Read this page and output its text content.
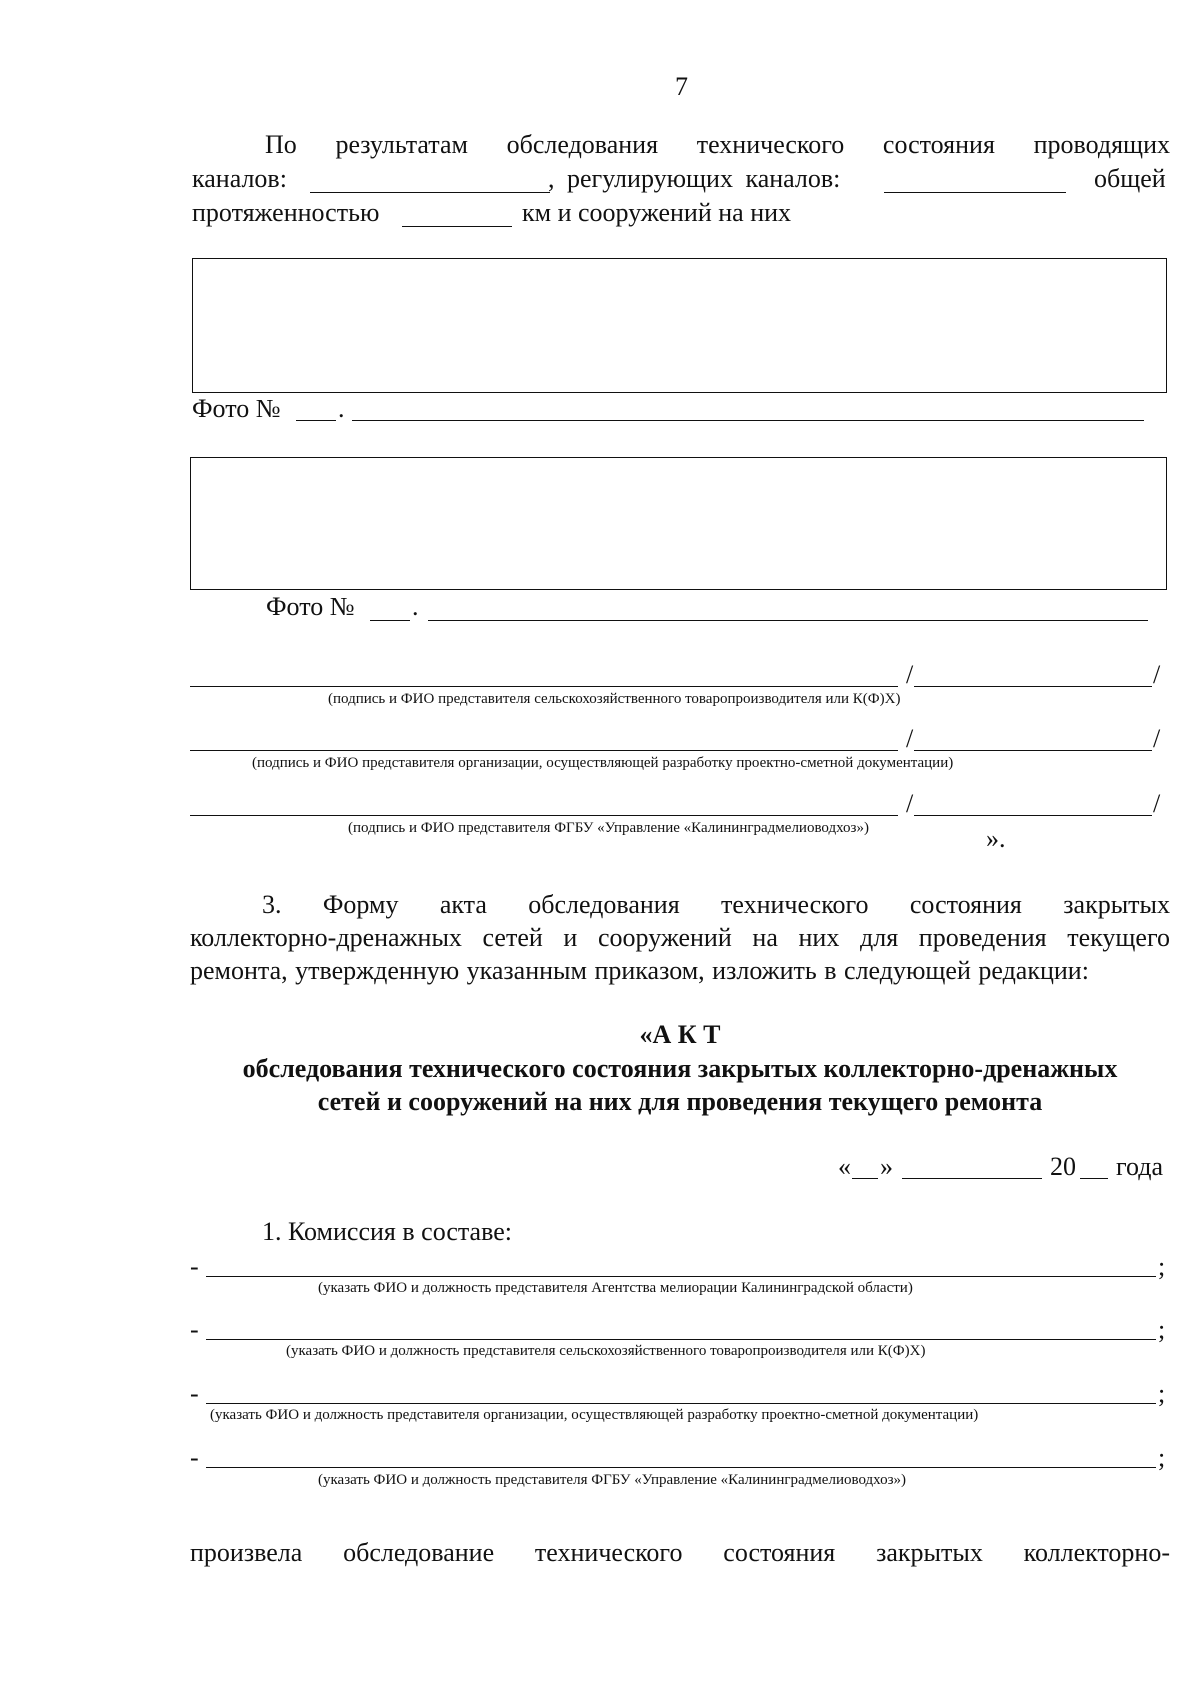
7
По результатам обследования технического состояния проводящих
каналов:	, регулирующих каналов:	общей
протяженностью	км и сооружений на них
Фото № .
Фото № .
/	/
(подпись и ФИО представителя сельскохозяйственного товаропроизводителя или К(Ф)Х)
/	/
(подпись и ФИО представителя организации, осуществляющей разработку проектно-сметной документации)
/	/
(подпись и ФИО представителя ФГБУ «Управление «Калининградмелиоводхоз»)	».
3. Форму акта обследования технического состояния закрытых
коллекторно-дренажных сетей и сооружений на них для проведения текущего
ремонта, утвержденную указанным приказом, изложить в следующей редакции:
«А К Т
обследования технического состояния закрытых коллекторно-дренажных
сетей и сооружений на них для проведения текущего ремонта
« »	20 года
1. Комиссия в составе:
-	;
(указать ФИО и должность представителя Агентства мелиорации Калининградской области)
-	;
(указать ФИО и должность представителя сельскохозяйственного товаропроизводителя или К(Ф)Х)
-	;
(указать ФИО и должность представителя организации, осуществляющей разработку проектно-сметной документации)
-	;
(указать ФИО и должность представителя ФГБУ «Управление «Калининградмелиоводхоз»)
произвела обследование технического состояния закрытых коллекторно-
